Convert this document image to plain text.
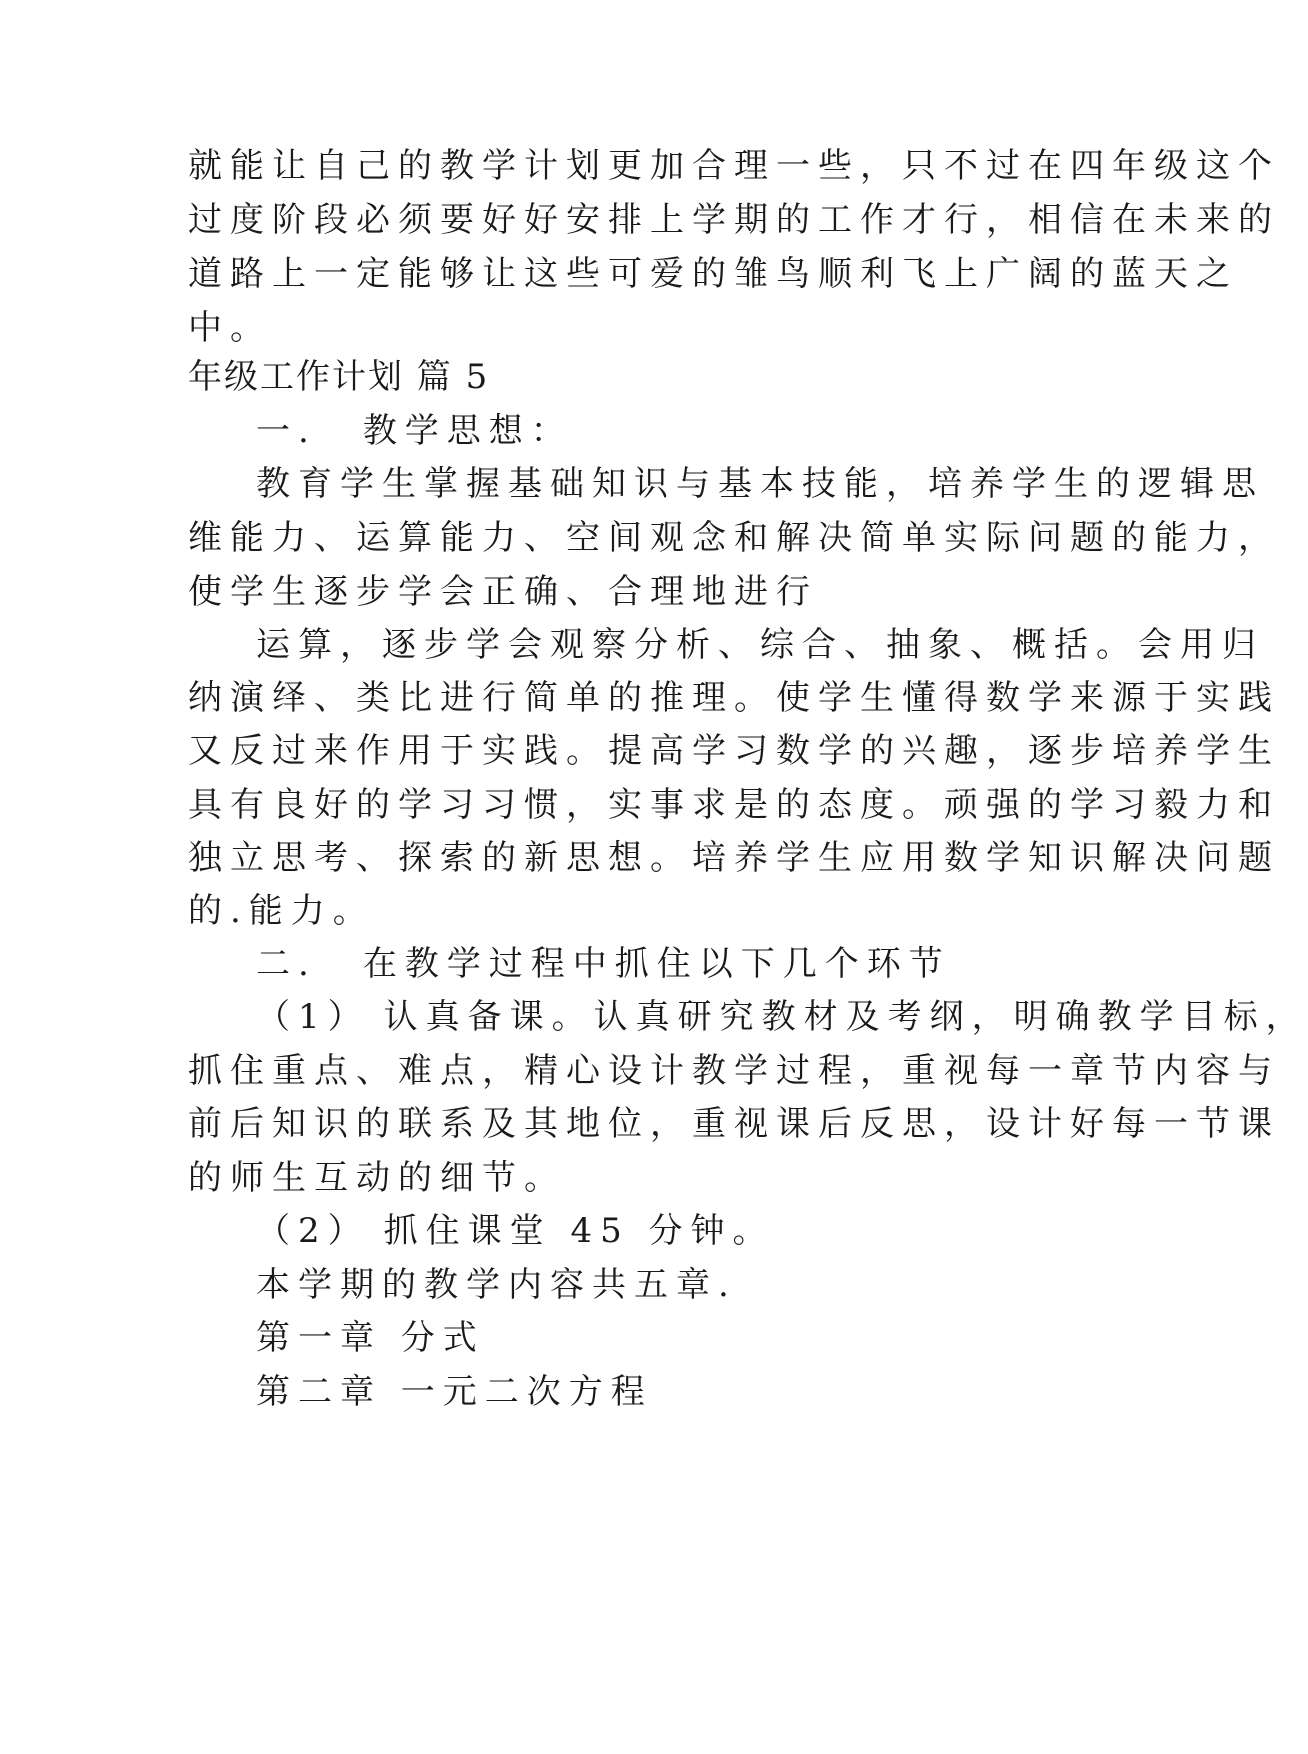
就能让自己的教学计划更加合理一些，只不过在四年级这个
过度阶段必须要好好安排上学期的工作才行，相信在未来的
道路上一定能够让这些可爱的雏鸟顺利飞上广阔的蓝天之
中。
年级工作计划 篇 5
一. 教学思想：
教育学生掌握基础知识与基本技能，培养学生的逻辑思
维能力、运算能力、空间观念和解决简单实际问题的能力，
使学生逐步学会正确、合理地进行
运算，逐步学会观察分析、综合、抽象、概括。会用归
纳演绎、类比进行简单的推理。使学生懂得数学来源于实践
又反过来作用于实践。提高学习数学的兴趣，逐步培养学生
具有良好的学习习惯，实事求是的态度。顽强的学习毅力和
独立思考、探索的新思想。培养学生应用数学知识解决问题
的.能力。
二. 在教学过程中抓住以下几个环节
（1） 认真备课。认真研究教材及考纲，明确教学目标，
抓住重点、难点，精心设计教学过程，重视每一章节内容与
前后知识的联系及其地位，重视课后反思，设计好每一节课
的师生互动的细节。
（2） 抓住课堂 45 分钟。
本学期的教学内容共五章.
第一章 分式
第二章 一元二次方程
